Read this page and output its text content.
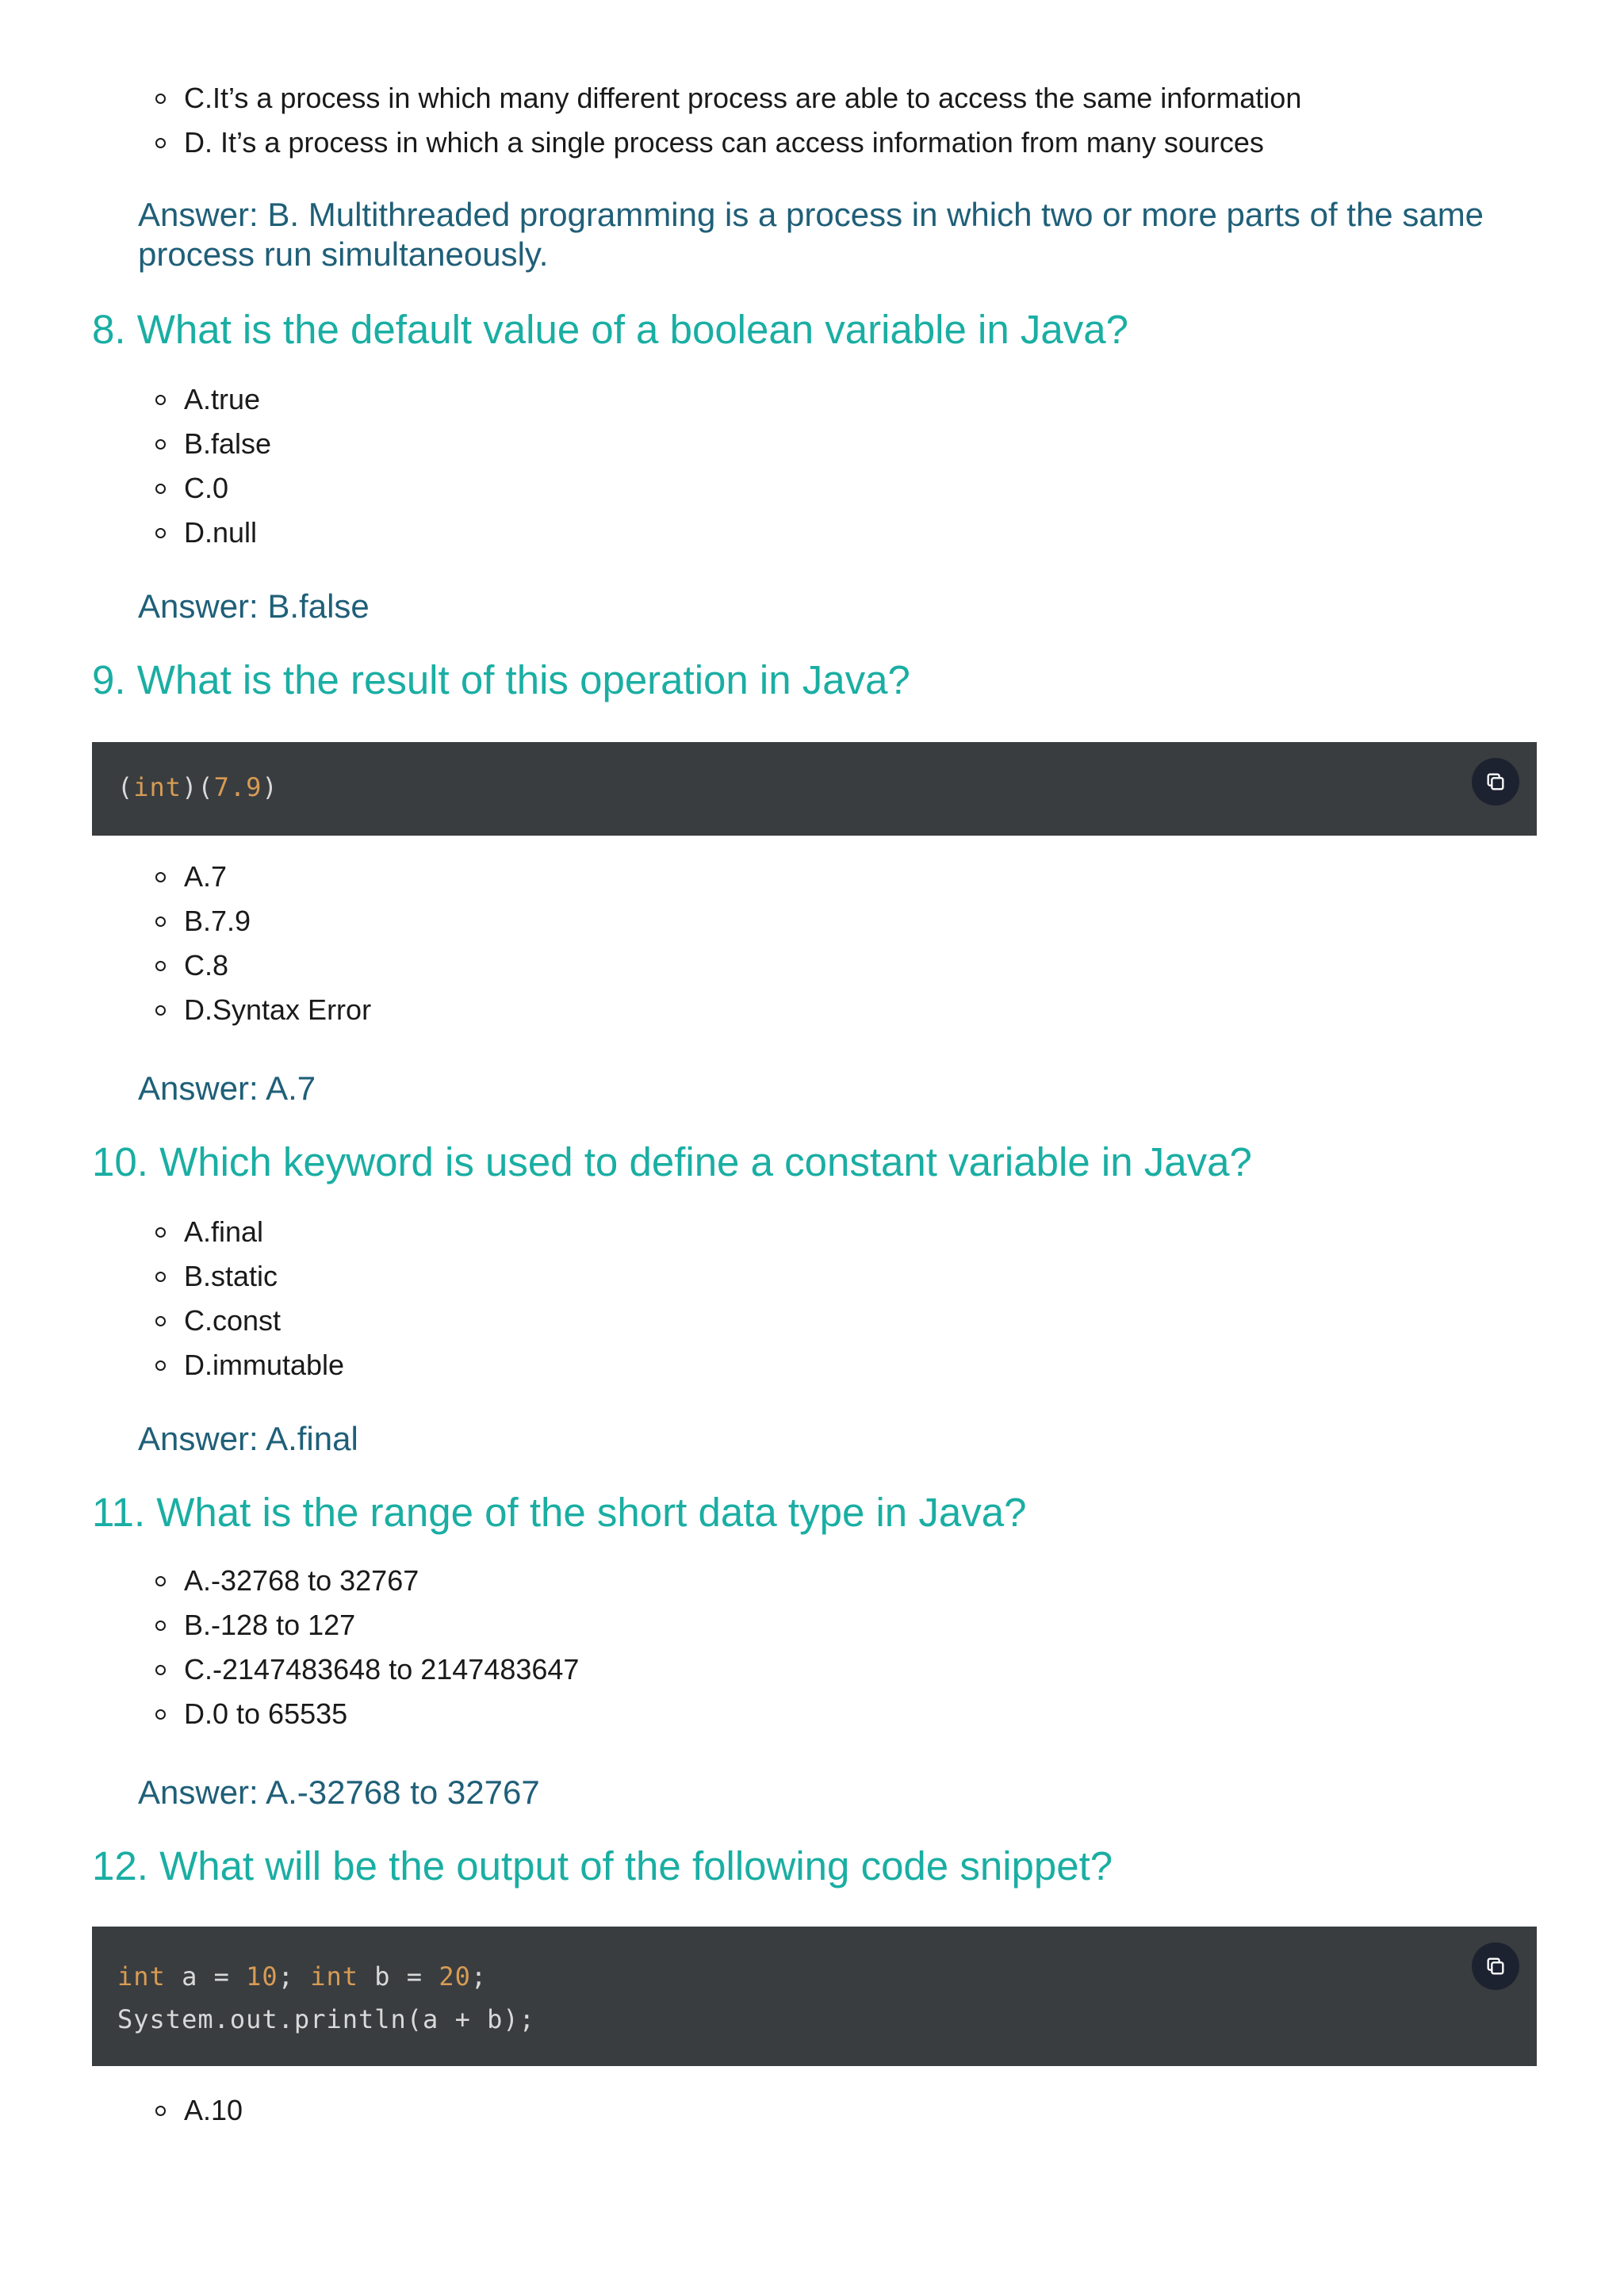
C.It’s a process in which many different process are able to access the same information
D. It’s a process in which a single process can access information from many sources

Answer: B. Multithreaded programming is a process in which two or more parts of the same process run simultaneously.

8. What is the default value of a boolean variable in Java?
A.true
B.false
C.0
D.null

Answer: B.false

9. What is the result of this operation in Java?
(int)(7.9)
A.7
B.7.9
C.8
D.Syntax Error

Answer: A.7

10. Which keyword is used to define a constant variable in Java?
A.final
B.static
C.const
D.immutable

Answer: A.final

11. What is the range of the short data type in Java?
A.-32768 to 32767
B.-128 to 127
C.-2147483648 to 2147483647
D.0 to 65535

Answer: A.-32768 to 32767

12. What will be the output of the following code snippet?
int a = 10; int b = 20;
System.out.println(a + b);
A.10
